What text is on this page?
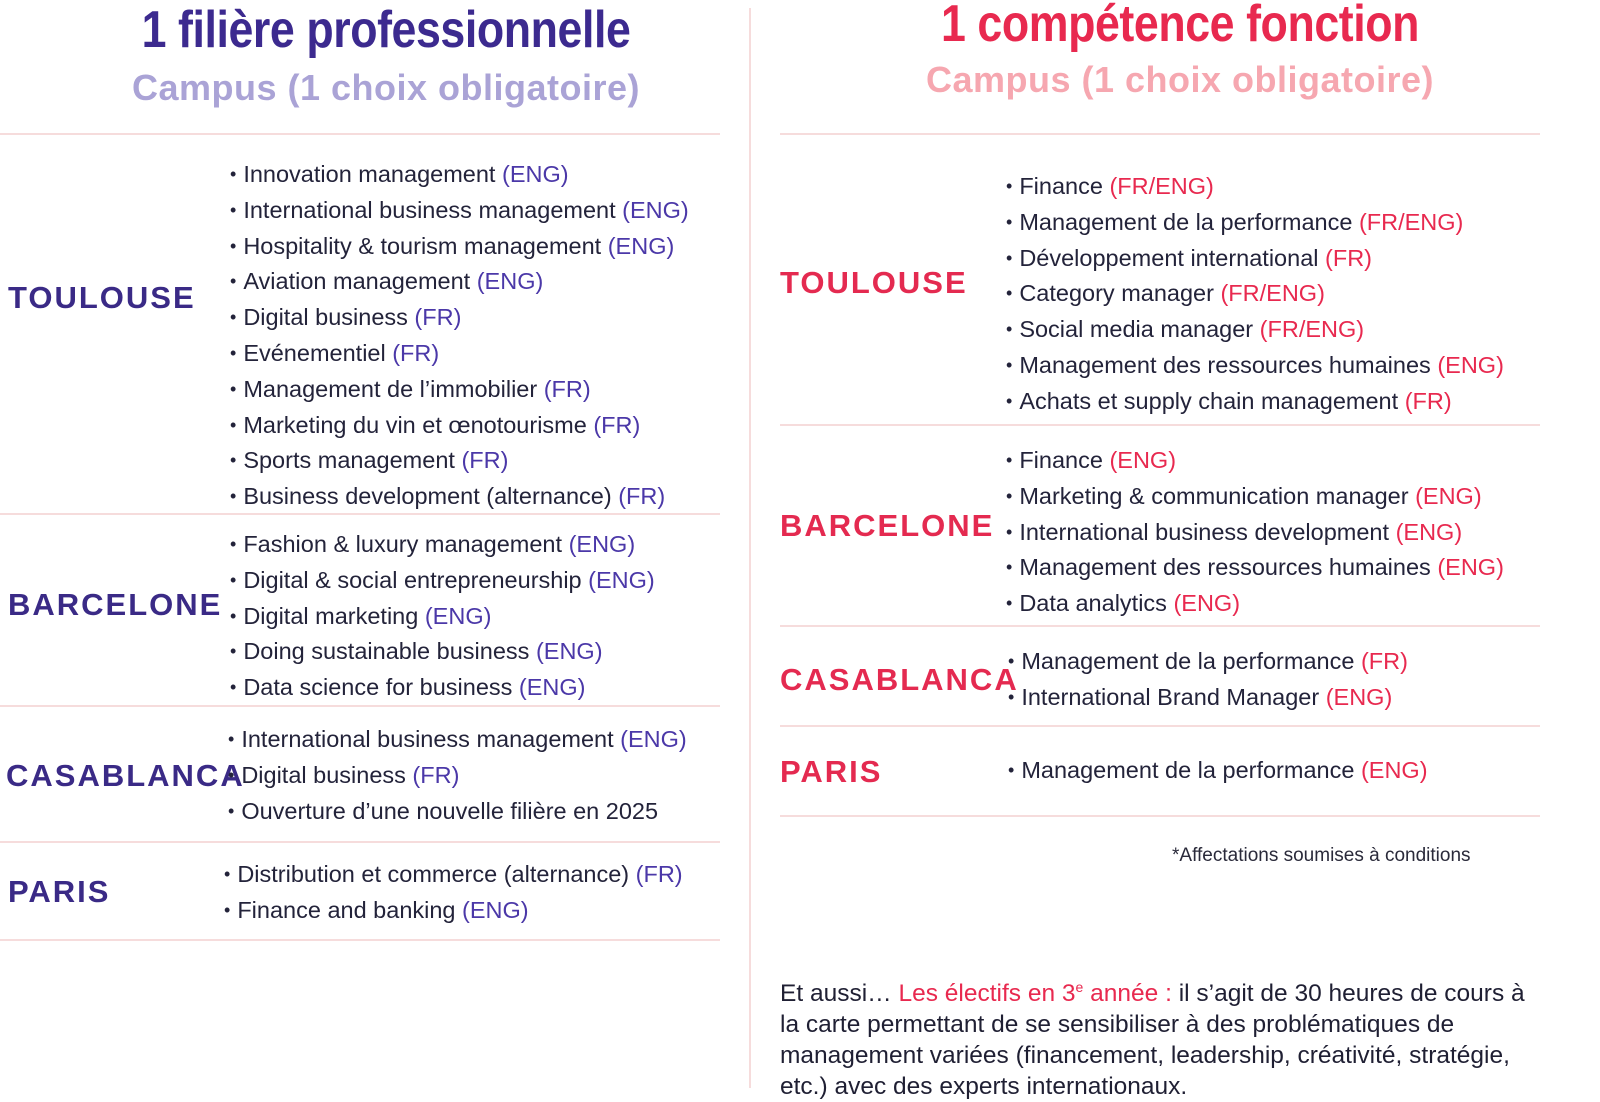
1 filière professionnelle
Campus (1 choix obligatoire)
TOULOUSE
• Innovation management (ENG)
• International business management (ENG)
• Hospitality & tourism management (ENG)
• Aviation management (ENG)
• Digital business (FR)
• Evénementiel (FR)
• Management de l’immobilier (FR)
• Marketing du vin et œnotourisme (FR)
• Sports management (FR)
• Business development (alternance) (FR)
BARCELONE
• Fashion & luxury management (ENG)
• Digital & social entrepreneurship (ENG)
• Digital marketing (ENG)
• Doing sustainable business (ENG)
• Data science for business (ENG)
CASABLANCA
• International business management (ENG)
• Digital business (FR)
• Ouverture d’une nouvelle filière en 2025
PARIS	• Distribution et commerce (alternance) (FR)
• Finance and banking (ENG)
1 compétence fonction
Campus (1 choix obligatoire)
TOULOUSE
• Finance (FR/ENG)
• Management de la performance (FR/ENG)
• Développement international (FR)
• Category manager (FR/ENG)
• Social media manager (FR/ENG)
• Management des ressources humaines (ENG)
• Achats et supply chain management (FR)
BARCELONE
• Finance (ENG)
• Marketing & communication manager (ENG)
• International business development (ENG)
• Management des ressources humaines (ENG)
• Data analytics (ENG)
CASABLANCA
• Management de la performance (FR)
• International Brand Manager (ENG)
PARIS	• Management de la performance (ENG)
*Affectations soumises à conditions

Et aussi… Les électifs en 3e année : il s’agit de 30 heures de cours à la carte permettant de se sensibiliser à des problématiques de management variées (financement, leadership, créativité, stratégie, etc.) avec des experts internationaux.
